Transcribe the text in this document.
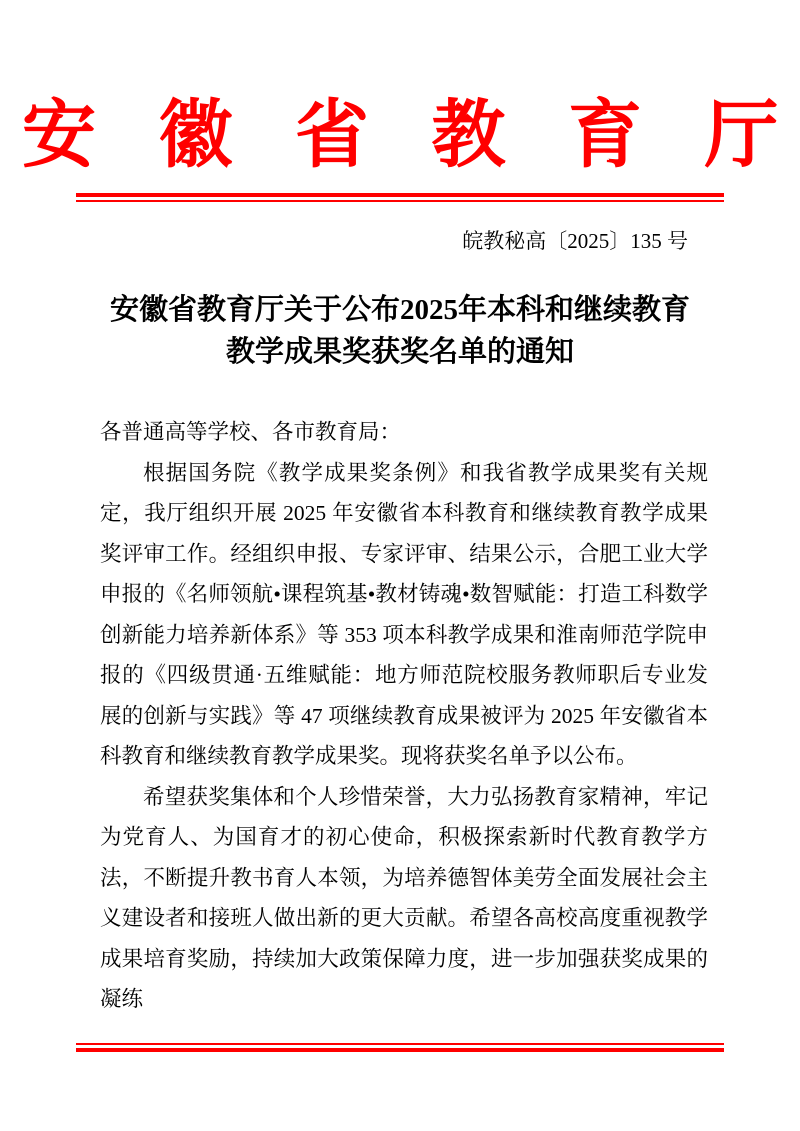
安 徽 省 教 育 厅
皖教秘高〔2025〕135 号
安徽省教育厅关于公布2025年本科和继续教育
教学成果奖获奖名单的通知

各普通高等学校、各市教育局：

根据国务院《教学成果奖条例》和我省教学成果奖有关规定，我厅组织开展 2025 年安徽省本科教育和继续教育教学成果奖评审工作。经组织申报、专家评审、结果公示，合肥工业大学申报的《名师领航•课程筑基•教材铸魂•数智赋能：打造工科数学创新能力培养新体系》等 353 项本科教学成果和淮南师范学院申报的《四级贯通·五维赋能：地方师范院校服务教师职后专业发展的创新与实践》等 47 项继续教育成果被评为 2025 年安徽省本科教育和继续教育教学成果奖。现将获奖名单予以公布。

希望获奖集体和个人珍惜荣誉，大力弘扬教育家精神，牢记为党育人、为国育才的初心使命，积极探索新时代教育教学方法，不断提升教书育人本领，为培养德智体美劳全面发展社会主义建设者和接班人做出新的更大贡献。希望各高校高度重视教学成果培育奖励，持续加大政策保障力度，进一步加强获奖成果的凝练
